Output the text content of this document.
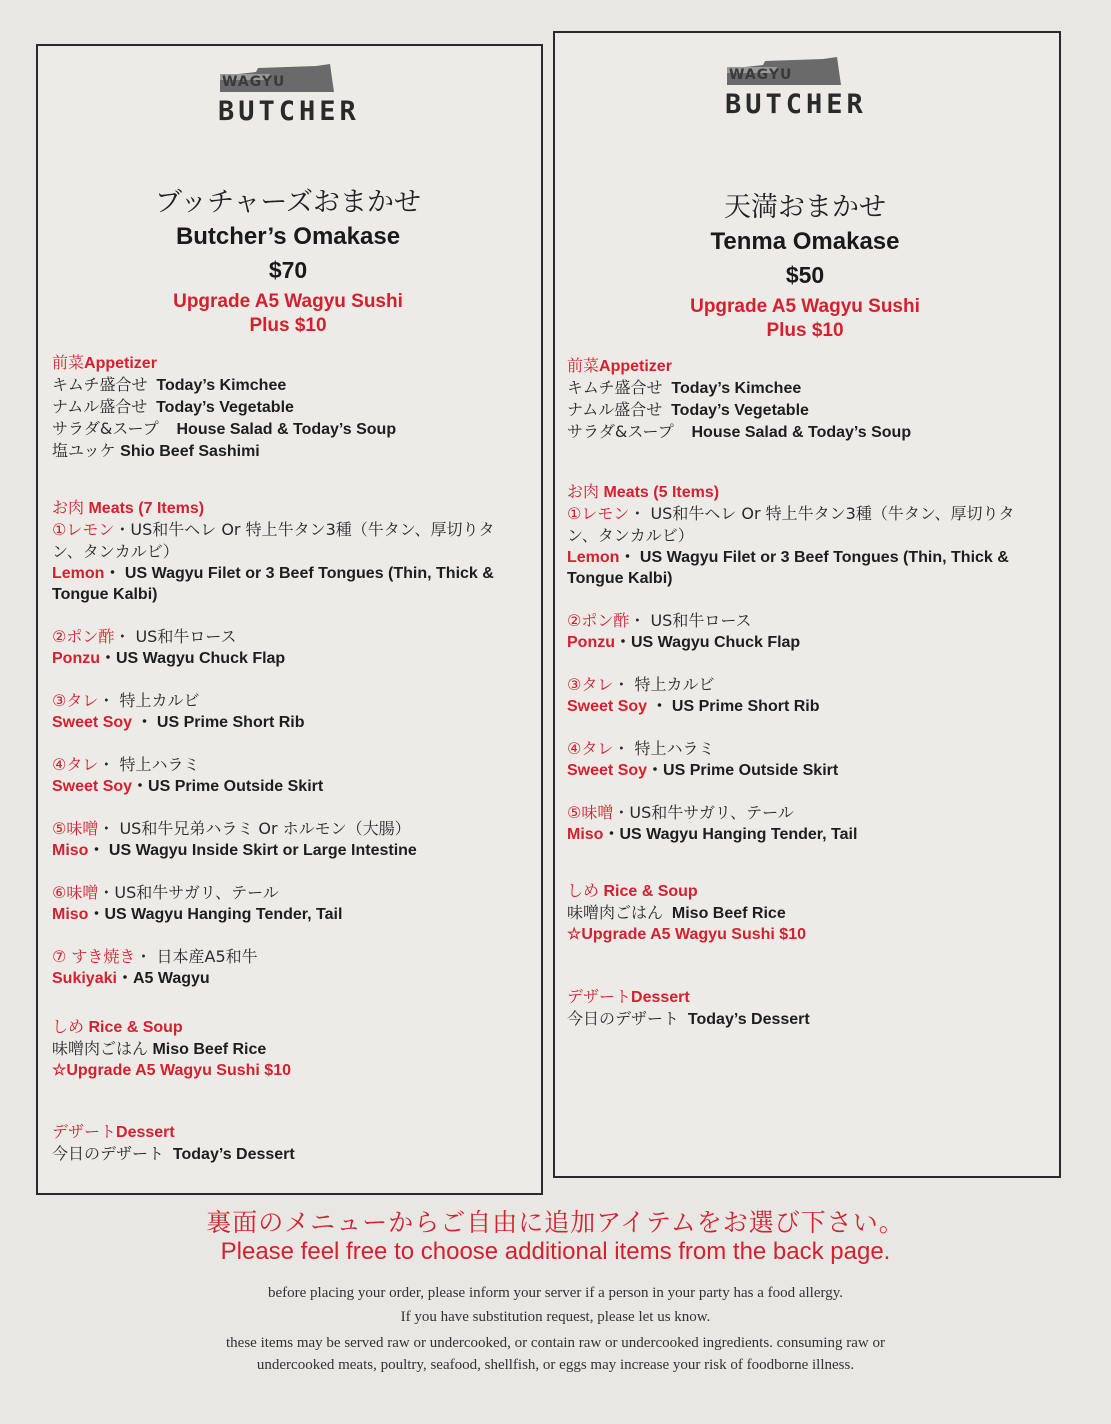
WAGYU
BUTCHER
ブッチャーズおまかせ
Butcher’s Omakase
$70
Upgrade A5 Wagyu Sushi
Plus $10
前菜Appetizer
キムチ盛合せ Today’s Kimchee
ナムル盛合せ Today’s Vegetable
サラダ&スープ House Salad & Today’s Soup
塩ユッケ Shio Beef Sashimi
お肉 Meats (7 Items)
①レモン・US和牛ヘレ Or 特上牛タン3種（牛タン、厚切りタン、タンカルビ）
Lemon・ US Wagyu Filet or 3 Beef Tongues (Thin, Thick & Tongue Kalbi)
②ポン酢・ US和牛ロース
Ponzu・US Wagyu Chuck Flap
③タレ・ 特上カルビ
Sweet Soy ・ US Prime Short Rib
④タレ・ 特上ハラミ
Sweet Soy・US Prime Outside Skirt
⑤味噌・ US和牛兄弟ハラミ Or ホルモン（大腸）
Miso・ US Wagyu Inside Skirt or Large Intestine
⑥味噌・US和牛サガリ、テール
Miso・US Wagyu Hanging Tender, Tail
⑦ すき焼き・ 日本産A5和牛
Sukiyaki・A5 Wagyu
しめ Rice & Soup
味噌肉ごはん Miso Beef Rice
☆Upgrade A5 Wagyu Sushi $10
デザートDessert
今日のデザート Today’s Dessert
WAGYU
BUTCHER
天満おまかせ
Tenma Omakase
$50
Upgrade A5 Wagyu Sushi
Plus $10
前菜Appetizer
キムチ盛合せ Today’s Kimchee
ナムル盛合せ Today’s Vegetable
サラダ&スープ House Salad & Today’s Soup
お肉 Meats (5 Items)
①レモン・ US和牛ヘレ Or 特上牛タン3種（牛タン、厚切りタン、タンカルビ）
Lemon・ US Wagyu Filet or 3 Beef Tongues (Thin, Thick & Tongue Kalbi)
②ポン酢・ US和牛ロース
Ponzu・US Wagyu Chuck Flap
③タレ・ 特上カルビ
Sweet Soy ・ US Prime Short Rib
④タレ・ 特上ハラミ
Sweet Soy・US Prime Outside Skirt
⑤味噌・US和牛サガリ、テール
Miso・US Wagyu Hanging Tender, Tail
しめ Rice & Soup
味噌肉ごはん Miso Beef Rice
☆Upgrade A5 Wagyu Sushi $10
デザートDessert
今日のデザート Today’s Dessert
裏面のメニューからご自由に追加アイテムをお選び下さい。
Please feel free to choose additional items from the back page.
before placing your order, please inform your server if a person in your party has a food allergy.
If you have substitution request, please let us know.
these items may be served raw or undercooked, or contain raw or undercooked ingredients. consuming raw or
undercooked meats, poultry, seafood, shellfish, or eggs may increase your risk of foodborne illness.
